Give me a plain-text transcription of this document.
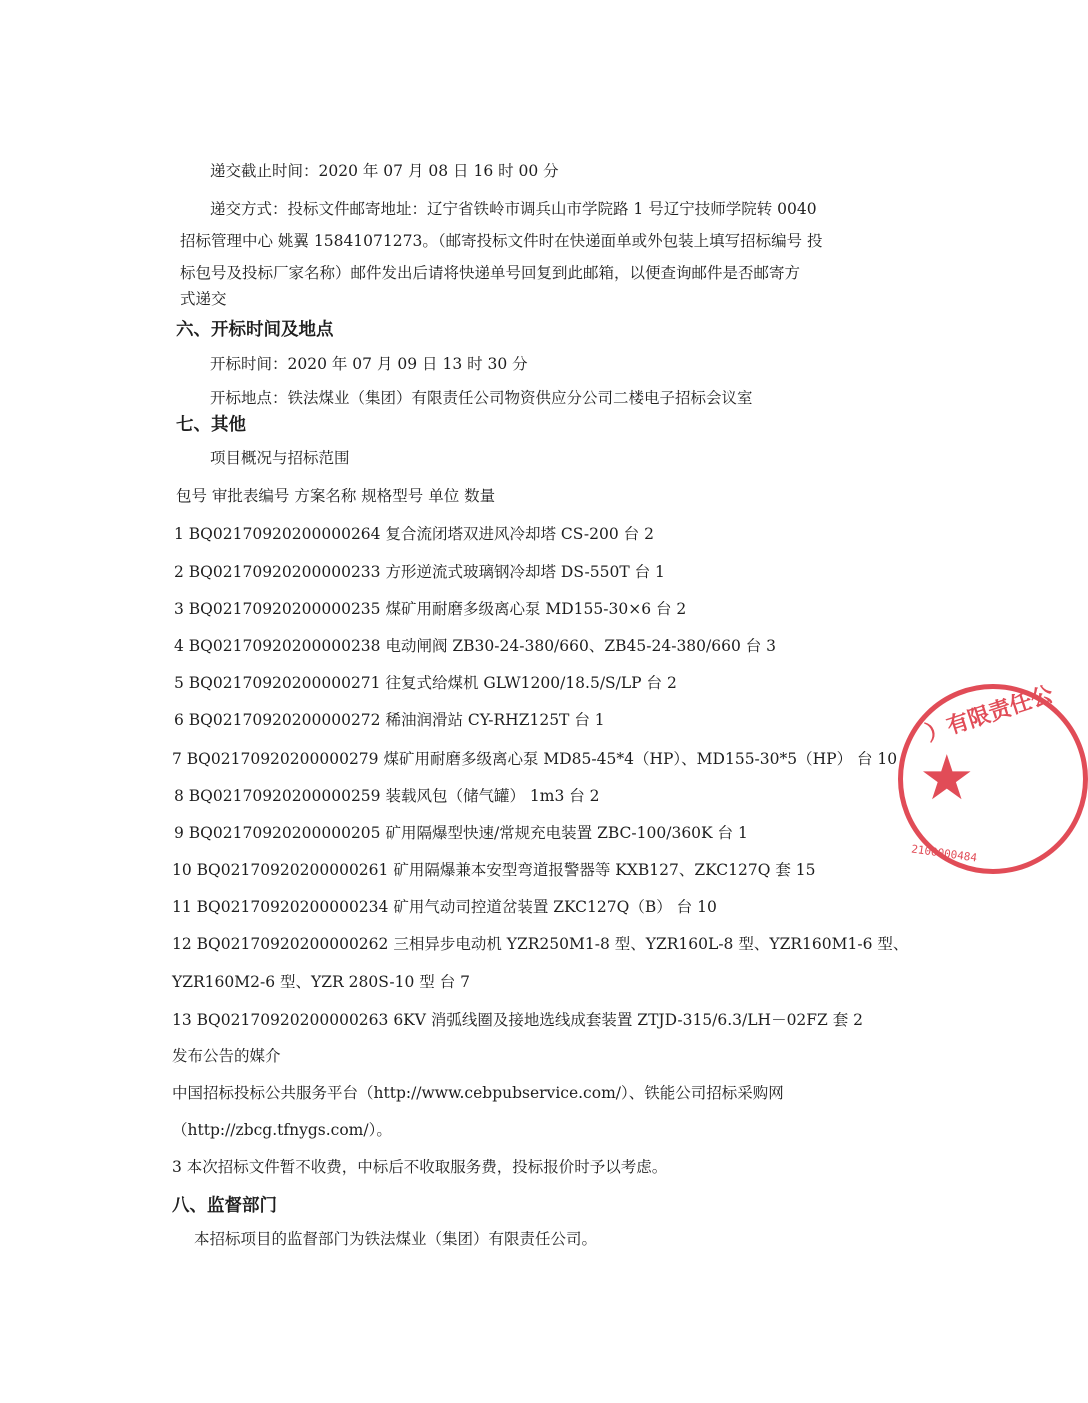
递交截止时间：2020 年 07 月 08 日 16 时 00 分
递交方式：投标文件邮寄地址：辽宁省铁岭市调兵山市学院路 1 号辽宁技师学院转 0040
招标管理中心 姚翼 15841071273。（邮寄投标文件时在快递面单或外包装上填写招标编号 投
标包号及投标厂家名称）邮件发出后请将快递单号回复到此邮箱，以便查询邮件是否邮寄方
式递交
六、开标时间及地点
开标时间：2020 年 07 月 09 日 13 时 30 分
开标地点：铁法煤业（集团）有限责任公司物资供应分公司二楼电子招标会议室
七、其他
项目概况与招标范围
包号 审批表编号 方案名称 规格型号 单位 数量
1 BQ02170920200000264 复合流闭塔双进风冷却塔 CS-200 台 2
2 BQ02170920200000233 方形逆流式玻璃钢冷却塔 DS-550T 台 1
3 BQ02170920200000235 煤矿用耐磨多级离心泵 MD155-30×6 台 2
4 BQ02170920200000238 电动闸阀 ZB30-24-380/660、ZB45-24-380/660 台 3
5 BQ02170920200000271 往复式给煤机 GLW1200/18.5/S/LP 台 2
6 BQ02170920200000272 稀油润滑站 CY-RHZ125T 台 1
7 BQ02170920200000279 煤矿用耐磨多级离心泵 MD85-45*4（HP）、MD155-30*5（HP） 台 10
8 BQ02170920200000259 装载风包（储气罐） 1m3 台 2
9 BQ02170920200000205 矿用隔爆型快速/常规充电装置 ZBC-100/360K 台 1
10 BQ02170920200000261 矿用隔爆兼本安型弯道报警器等 KXB127、ZKC127Q 套 15
11 BQ02170920200000234 矿用气动司控道岔装置 ZKC127Q（B） 台 10
12 BQ02170920200000262 三相异步电动机 YZR250M1-8 型、YZR160L-8 型、YZR160M1-6 型、
YZR160M2-6 型、YZR 280S-10 型 台 7
13 BQ02170920200000263 6KV 消弧线圈及接地选线成套装置 ZTJD-315/6.3/LH－02FZ 套 2
发布公告的媒介
中国招标投标公共服务平台（http://www.cebpubservice.com/）、铁能公司招标采购网
（http://zbcg.tfnygs.com/）。
3 本次招标文件暂不收费，中标后不收取服务费，投标报价时予以考虑。
八、监督部门
本招标项目的监督部门为铁法煤业（集团）有限责任公司。
）有限责任公
★
2100000484
